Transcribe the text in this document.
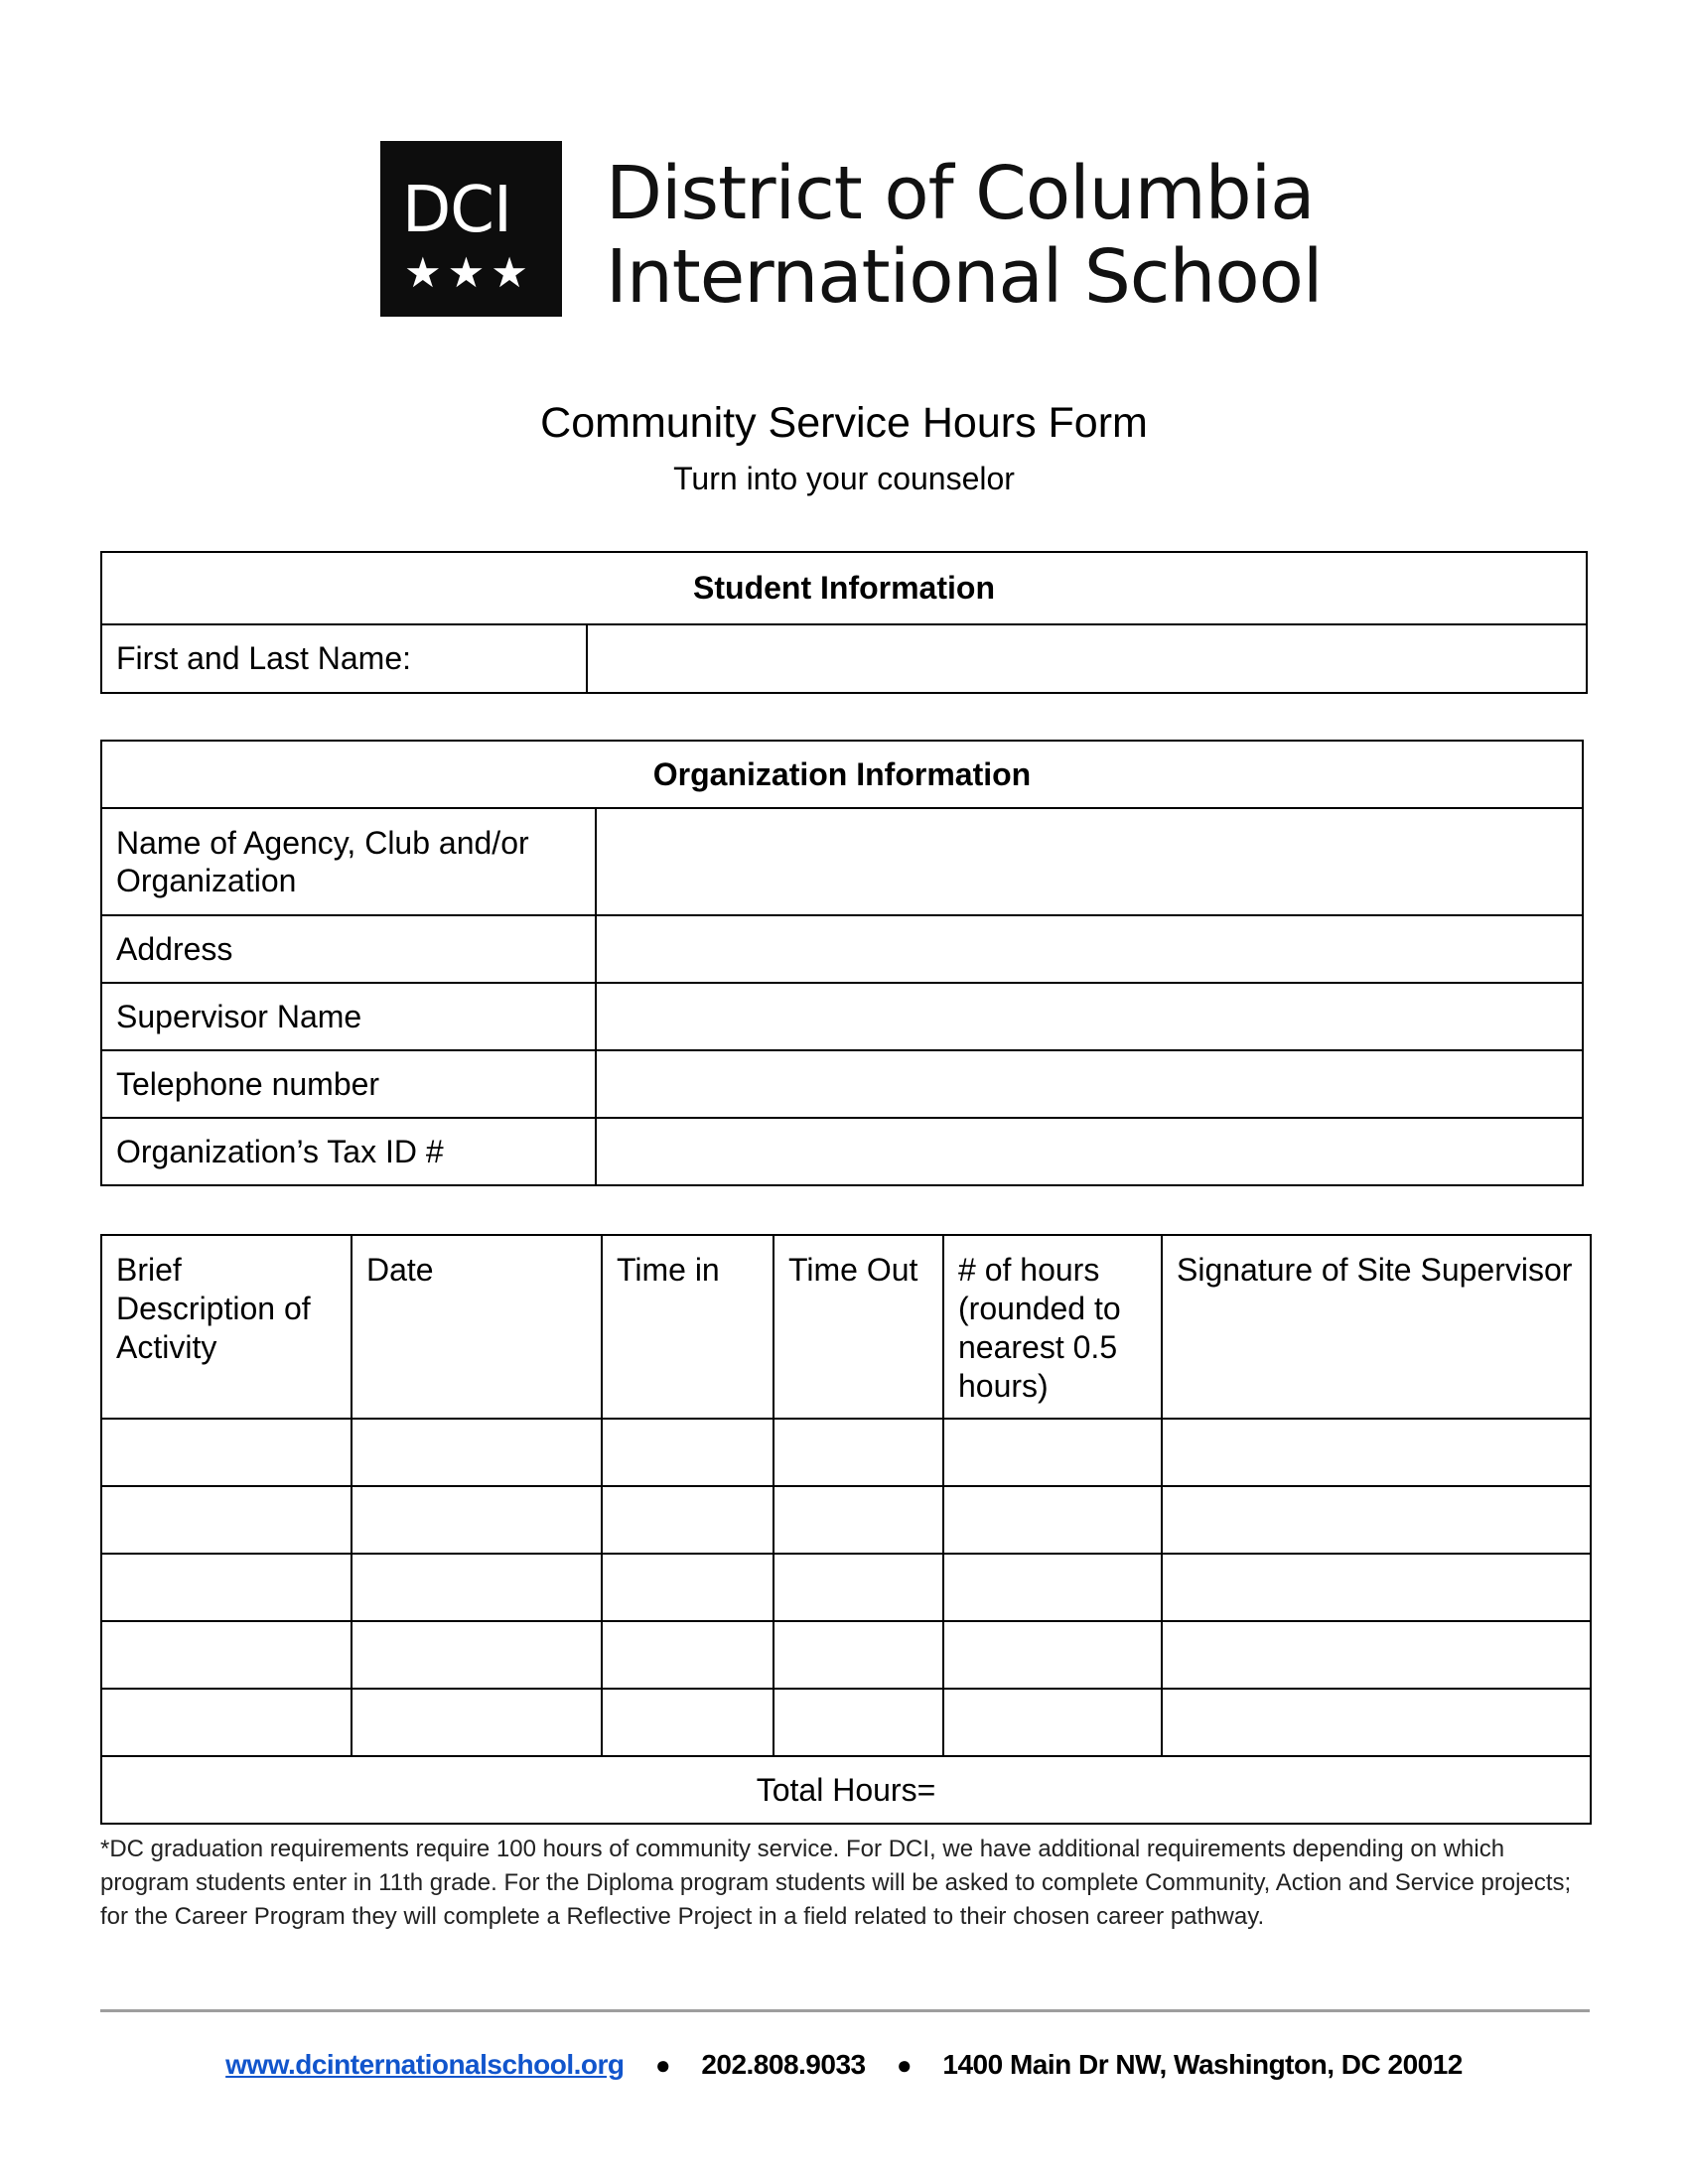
DCI
★★★
District of Columbia
International School
Community Service Hours Form
Turn into your counselor
Student Information
First and Last Name:	
Organization Information	
Name of Agency, Club and/or Organization	
Address	
Supervisor Name	
Telephone number	
Organization’s Tax ID #	
Brief Description of Activity	Date	Time in	Time Out	# of hours (rounded to nearest 0.5 hours)	Signature of Site Supervisor

Total Hours=					
*DC graduation requirements require 100 hours of community service. For DCI, we have additional requirements depending on which program students enter in 11th grade. For the Diploma program students will be asked to complete Community, Action and Service projects; for the Career Program they will complete a Reflective Project in a field related to their chosen career pathway.
www.dcinternationalschool.org ● 202.808.9033 ● 1400 Main Dr NW, Washington, DC 20012
